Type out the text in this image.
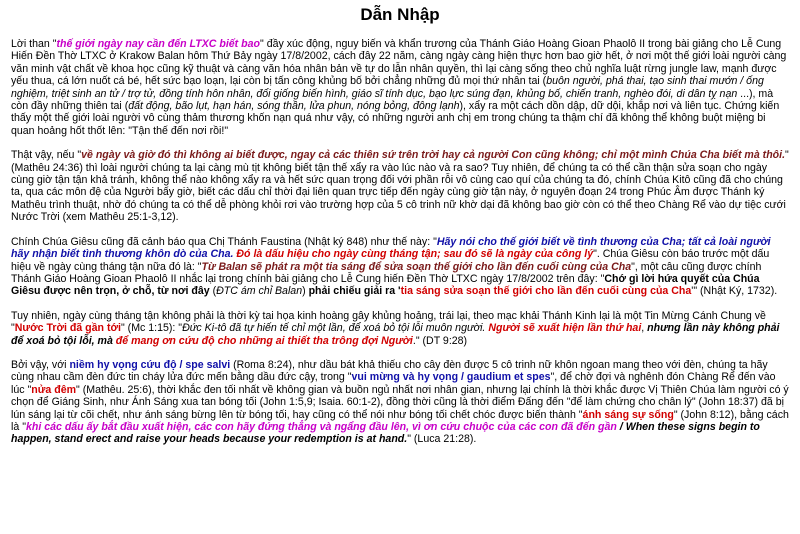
Dẫn Nhập

Lời than "thế giới ngày nay cần đến LTXC biết bao" đầy xúc động, nguy biến và khẩn trương của Thánh Giáo Hoàng Gioan Phaolô II trong bài giảng cho Lễ Cung Hiến Đền Thờ LTXC ở Krakow Balan hôm Thứ Bảy ngày 17/8/2002, cách đây 22 năm, càng ngày càng hiện thực hơn bao giờ hết, ở nơi một thế giới loài người càng văn minh vật chất về khoa học cũng kỹ thuật và càng văn hóa nhân bản về tự do lẫn nhân quyền, thì lại càng sống theo chủ nghĩa luật rừng jungle law, mạnh được yếu thua, cá lớn nuốt cá bé, hết sức bạo loạn, lại còn bị tấn công khủng bố bởi chẳng những đủ mọi thứ nhân tai (buôn người, phá thai, tạo sinh thai mướn / ống nghiệm, triệt sinh an tử / trợ tử, đồng tính hôn nhân, đổi giống biến hình, giáo sĩ tính dục, bạo lực súng đạn, khủng bố, chiến tranh, nghèo đói, di dân tỵ nạn ...), mà còn đầy những thiên tai (đất động, bão lụt, hạn hán, sóng thần, lửa phun, nóng bỏng, đông lạnh), xẩy ra một cách dồn dập, dữ dội, khắp nơi và liên tục. Chứng kiến thấy một thế giới loài người vô cùng thảm thương khốn nạn quá như vậy, có những người anh chị em trong chúng ta thậm chí đã không thể không buột miệng bi quan hoảng hốt thốt lên: "Tận thế đến nơi rồi!"

Thật vậy, nếu "về ngày và giờ đó thì không ai biết được, ngay cả các thiên sứ trên trời hay cả người Con cũng không; chỉ một mình Chúa Cha biết mà thôi." (Mathêu 24:36) thì loài người chúng ta lại càng mù tịt không biết tận thế xẩy ra vào lúc nào và ra sao? Tuy nhiên, để chúng ta có thể cần thận sửa soạn cho ngày cùng giờ tận tận khả tránh, không thể nào không xẩy ra và hết sức quan trọng đối với phần rỗi vô cùng cao quí của chúng ta đó, chính Chúa Kitô cũng đã cho chúng ta, qua các môn đệ của Người bấy giờ, biết các dấu chỉ thời đại liên quan trực tiếp đến ngày cùng giờ tận này, ở nguyên đoạn 24 trong Phúc Âm được Thánh ký Mathêu trình thuật, nhờ đó chúng ta có thể dễ phòng khỏi rơi vào trường hợp của 5 cô trinh nữ khờ dại đã không bao giờ còn có thể theo Chàng Rể vào dự tiệc cưới Nước Trời (xem Mathêu 25:1-3,12).

Chính Chúa Giêsu cũng đã cảnh báo qua Chị Thánh Faustina (Nhật ký 848) như thế này: "Hãy nói cho thế giới biết về tình thương của Cha; tất cả loài người hãy nhận biết tình thương khôn dò của Cha. Đó là dấu hiệu cho ngày cùng tháng tận; sau đó sẽ là ngày của công lý". Chúa Giêsu còn báo trước một dấu hiệu về ngày cùng tháng tận nữa đó là: "Từ Balan sẽ phát ra một tia sáng để sửa soạn thế giới cho lần đến cuối cùng của Cha", một câu cũng được chính Thánh Giáo Hoàng Gioan Phaolô II nhắc lại trong chính bài giảng cho Lễ Cung hiến Đền Thờ LTXC ngày 17/8/2002 trên đây: "Chớ gì lời hứa quyết của Chúa Giêsu được nên trọn, ở chỗ, từ nơi đây (ĐTC ám chỉ Balan) phải chiếu giải ra 'tia sáng sửa soạn thế giới cho lần đến cuối cùng của Cha'" (Nhật Ký, 1732).

Tuy nhiên, ngày cùng tháng tận không phải là thời kỳ tai họa kinh hoàng gây khủng hoảng, trái lại, theo mạc khải Thánh Kinh lại là một Tin Mừng Cánh Chung về "Nước Trời đã gần tới" (Mc 1:15): "Đức Ki-tô đã tự hiến tế chỉ một lần, để xoá bỏ tội lỗi muôn người. Người sẽ xuất hiện lần thứ hai, nhưng lần này không phải để xoá bỏ tội lỗi, mà để mang ơn cứu độ cho những ai thiết tha trông đợi Người." (DT 9:28)

Bởi vậy, với niềm hy vọng cứu độ / spe salvi (Roma 8:24), như dầu bát khả thiếu cho cây đèn được 5 cô trinh nữ khôn ngoan mang theo với đèn, chúng ta hãy cùng nhau cầm đèn đức tin cháy lửa đức mến bằng dầu đức cậy, trong "vui mừng và hy vọng / gaudium et spes", để chờ đợi và nghênh đón Chàng Rể đến vào lúc "nửa đêm" (Mathêu. 25:6), thời khắc đen tối nhất về không gian và buồn ngủ nhất nơi nhân gian, nhưng lại chính là thời khắc được Vị Thiên Chúa làm người có ý chọn để Giáng Sinh, như Ánh Sáng xua tan bóng tối (John 1:5,9; Isaia. 60:1-2), đồng thời cũng là thời điểm Đấng đến "để làm chứng cho chân lý" (John 18:37) đã bị lún sáng lại từ cõi chết, như ánh sáng bừng lên từ bóng tối, hay cũng có thể nói như bóng tối chết chóc được biến thành "ánh sáng sự sống" (John 8:12), bằng cách là "khi các dấu ấy bắt đầu xuất hiện, các con hãy đứng thẳng và ngẩng đầu lên, vì ơn cứu chuộc của các con đã đến gần / When these signs begin to happen, stand erect and raise your heads because your redemption is at hand." (Luca 21:28).
